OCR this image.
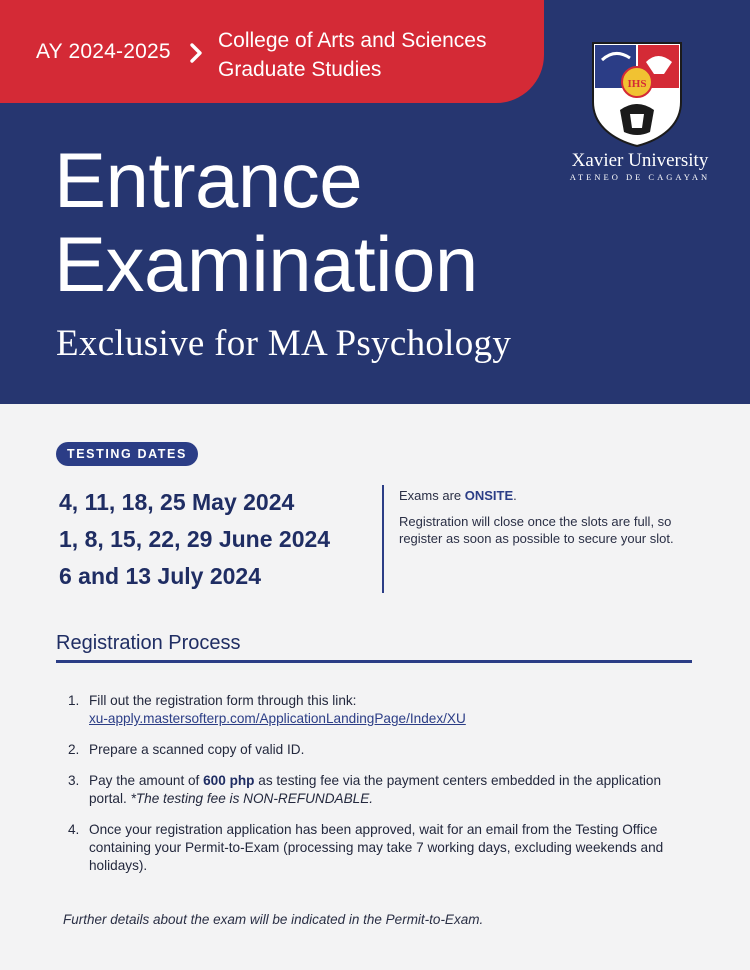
AY 2024-2025 College of Arts and Sciences
Graduate Studies
IHS
Xavier University
ATENEO DE CAGAYAN
Entrance
Examination
Exclusive for MA Psychology
TESTING DATES
4, 11, 18, 25 May 2024
1, 8, 15, 22, 29 June 2024
6 and 13 July 2024

Exams are ONSITE.

Registration will close once the slots are full, so register as soon as possible to secure your slot.

Registration Process
1. Fill out the registration form through this link:
xu-apply.mastersofterp.com/ApplicationLandingPage/Index/XU
2. Prepare a scanned copy of valid ID.
3. Pay the amount of 600 php as testing fee via the payment centers embedded in the application portal. *The testing fee is NON-REFUNDABLE.
4. Once your registration application has been approved, wait for an email from the Testing Office containing your Permit-to-Exam (processing may take 7 working days, excluding weekends and holidays).
Further details about the exam will be indicated in the Permit-to-Exam.
